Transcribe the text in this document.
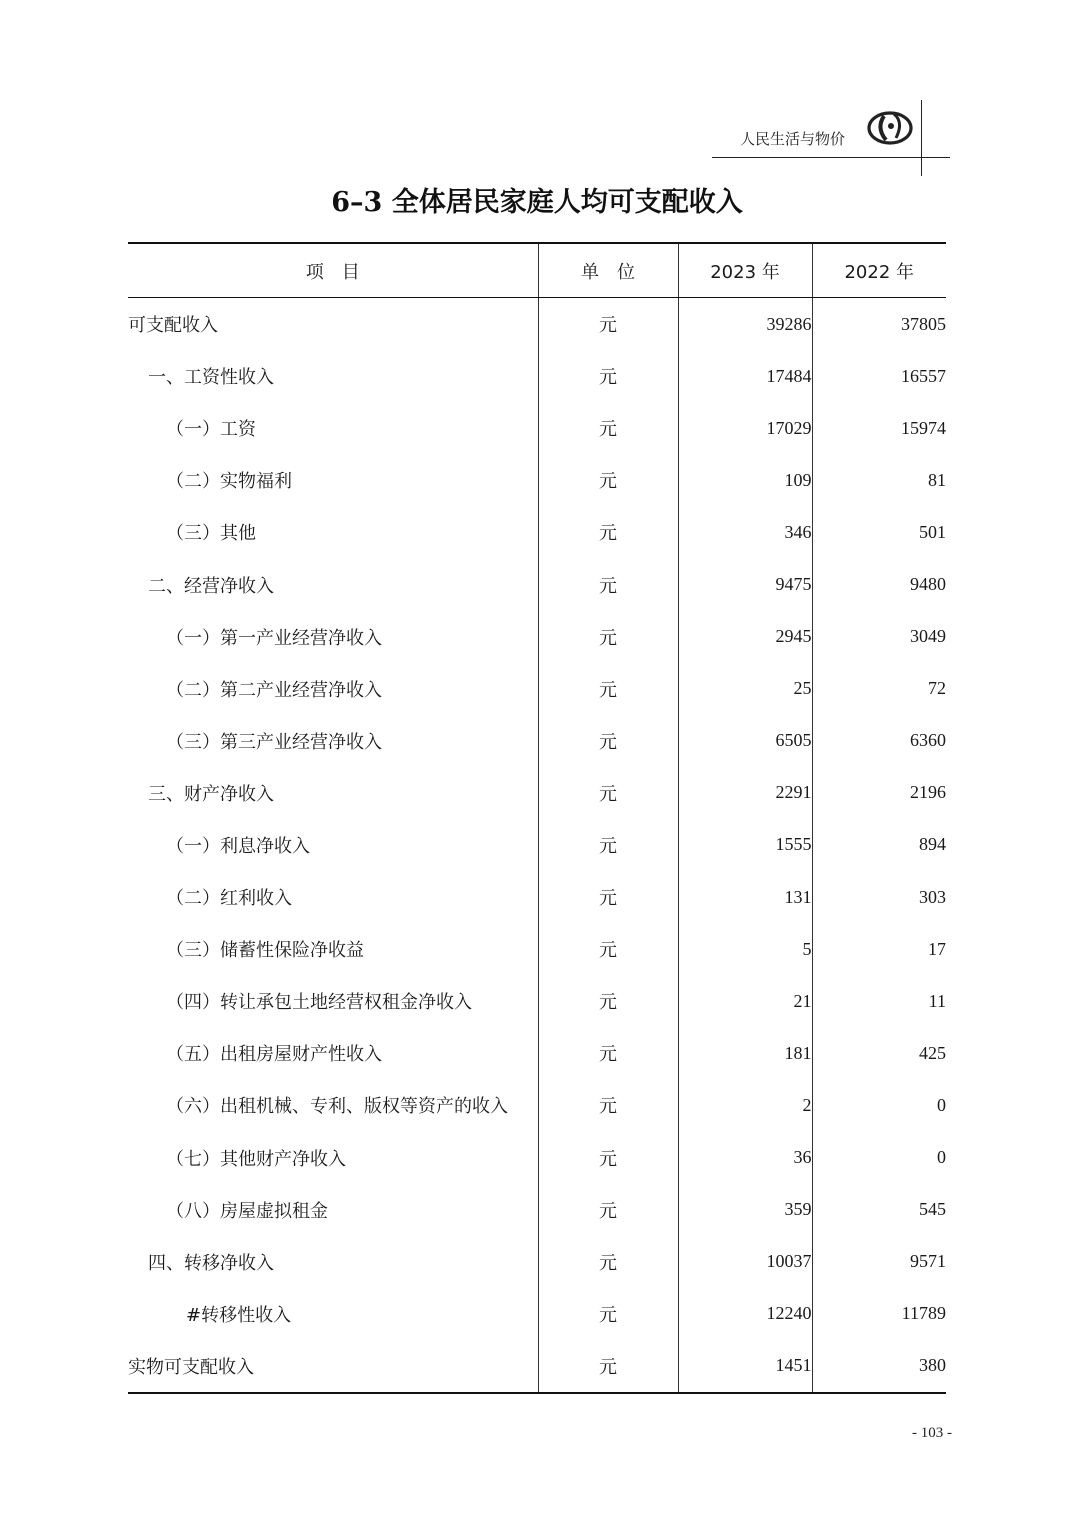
人民生活与物价
6–3 全体居民家庭人均可支配收入
项　目	单　位	2023 年	2022 年
可支配收入	元	39286	37805
一、工资性收入	元	17484	16557
（一）工资	元	17029	15974
（二）实物福利	元	109	81
（三）其他	元	346	501
二、经营净收入	元	9475	9480
（一）第一产业经营净收入	元	2945	3049
（二）第二产业经营净收入	元	25	72
（三）第三产业经营净收入	元	6505	6360
三、财产净收入	元	2291	2196
（一）利息净收入	元	1555	894
（二）红利收入	元	131	303
（三）储蓄性保险净收益	元	5	17
（四）转让承包土地经营权租金净收入	元	21	11
（五）出租房屋财产性收入	元	181	425
（六）出租机械、专利、版权等资产的收入	元	2	0
（七）其他财产净收入	元	36	0
（八）房屋虚拟租金	元	359	545
四、转移净收入	元	10037	9571
#转移性收入	元	12240	11789
实物可支配收入	元	1451	380
- 103 -
